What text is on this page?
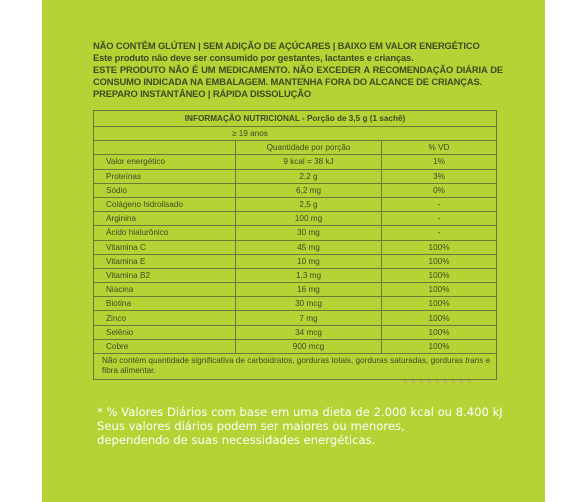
NÃO CONTÊM GLÚTEN | SEM ADIÇÃO DE AÇÚCARES | BAIXO EM VALOR ENERGÉTICO
Este produto não deve ser consumido por gestantes, lactantes e crianças.
ESTE PRODUTO NÃO É UM MEDICAMENTO. NÃO EXCEDER A RECOMENDAÇÃO DIÁRIA DE CONSUMO INDICADA NA EMBALAGEM. MANTENHA FORA DO ALCANCE DE CRIANÇAS.
PREPARO INSTANTÂNEO | RÁPIDA DISSOLUÇÃO
INFORMAÇÃO NUTRICIONAL - Porção de 3,5 g (1 sachê)		
≥ 19 anos		
	Quantidade por porção	% VD
Valor energético	9 kcal = 38 kJ	1%
Proteínas	2,2 g	3%
Sódio	6,2 mg	0%
Colágeno hidrolisado	2,5 g	-
Arginina	100 mg	-
Ácido hialurônico	30 mg	-
Vitamina C	45 mg	100%
Vitamina E	10 mg	100%
Vitamina B2	1,3 mg	100%
Niacina	16 mg	100%
Biotina	30 mcg	100%
Zinco	7 mg	100%
Selênio	34 mcg	100%
Cobre	900 mcg	100%
Não contém quantidade significativa de carboidratos, gorduras totais, gorduras saturadas, gorduras trans e fibra alimentar.		
* % Valores Diários com base em uma dieta de 2.000 kcal ou 8.400 kJ
Seus valores diários podem ser maiores ou menores,
dependendo de suas necessidades energéticas.
